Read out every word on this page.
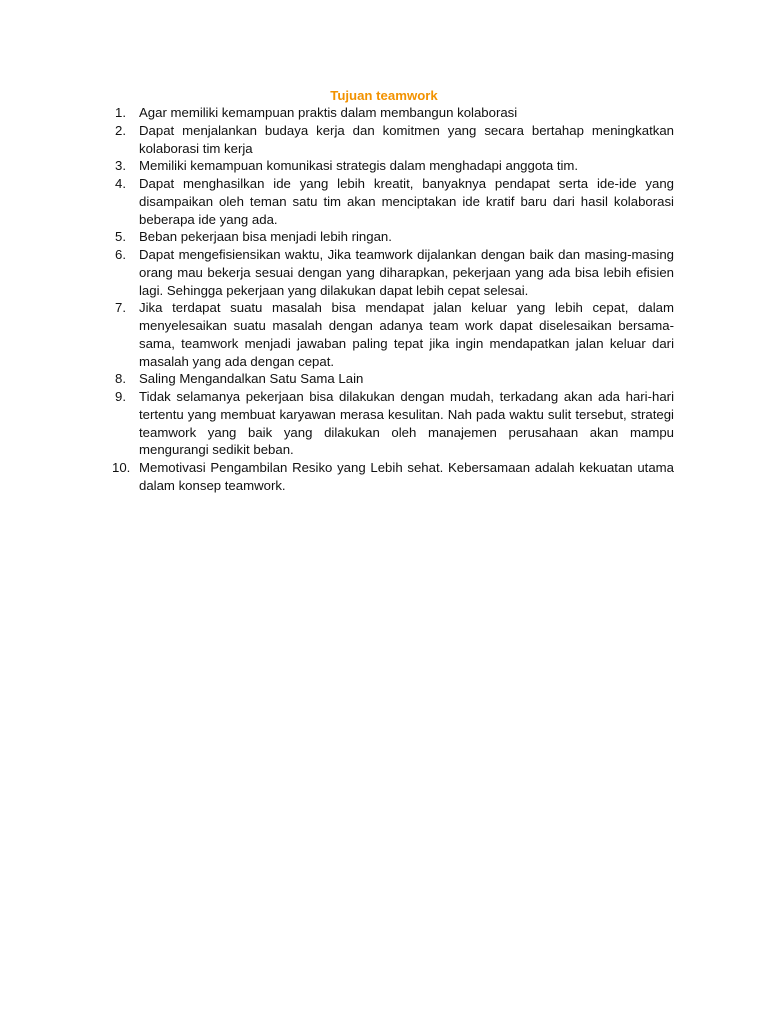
Tujuan teamwork
1. Agar memiliki kemampuan praktis dalam membangun kolaborasi
2. Dapat menjalankan budaya kerja dan komitmen yang secara bertahap meningkatkan kolaborasi tim kerja
3. Memiliki kemampuan komunikasi strategis dalam menghadapi anggota tim.
4. Dapat menghasilkan ide yang lebih kreatit, banyaknya pendapat serta ide-ide yang disampaikan oleh teman satu tim akan menciptakan ide kratif baru dari hasil kolaborasi beberapa ide yang ada.
5. Beban pekerjaan bisa menjadi lebih ringan.
6. Dapat mengefisiensikan waktu, Jika teamwork dijalankan dengan baik dan masing-masing orang mau bekerja sesuai dengan yang diharapkan, pekerjaan yang ada bisa lebih efisien lagi. Sehingga pekerjaan yang dilakukan dapat lebih cepat selesai.
7. Jika terdapat suatu masalah bisa mendapat jalan keluar yang lebih cepat, dalam menyelesaikan suatu masalah dengan adanya team work dapat diselesaikan bersama-sama, teamwork menjadi jawaban paling tepat jika ingin mendapatkan jalan keluar dari masalah yang ada dengan cepat.
8. Saling Mengandalkan Satu Sama Lain
9. Tidak selamanya pekerjaan bisa dilakukan dengan mudah, terkadang akan ada hari-hari tertentu yang membuat karyawan merasa kesulitan. Nah pada waktu sulit tersebut, strategi teamwork yang baik yang dilakukan oleh manajemen perusahaan akan mampu mengurangi sedikit beban.
10. Memotivasi Pengambilan Resiko yang Lebih sehat. Kebersamaan adalah kekuatan utama dalam konsep teamwork.
